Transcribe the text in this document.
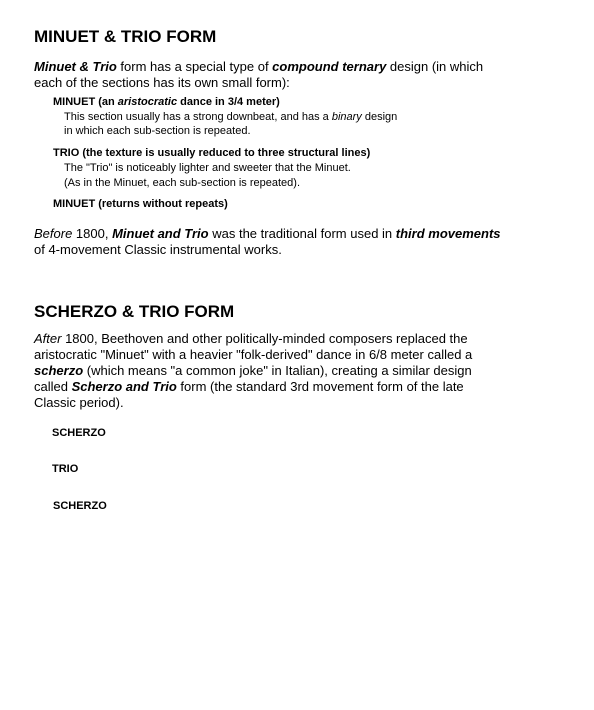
MINUET & TRIO FORM
Minuet & Trio form has a special type of compound ternary design (in which
each of the sections has its own small form):
MINUET (an aristocratic dance in 3/4 meter)
This section usually has a strong downbeat, and has a binary design
in which each sub-section is repeated.
TRIO (the texture is usually reduced to three structural lines)
The "Trio" is noticeably lighter and sweeter that the Minuet.
(As in the Minuet, each sub-section is repeated).
MINUET (returns without repeats)
Before 1800, Minuet and Trio was the traditional form used in third movements
of 4-movement Classic instrumental works.
SCHERZO & TRIO FORM
After 1800, Beethoven and other politically-minded composers replaced the
aristocratic "Minuet" with a heavier "folk-derived" dance in 6/8 meter called a
scherzo (which means "a common joke" in Italian), creating a similar design
called Scherzo and Trio form (the standard 3rd movement form of the late
Classic period).
SCHERZO
TRIO
SCHERZO
